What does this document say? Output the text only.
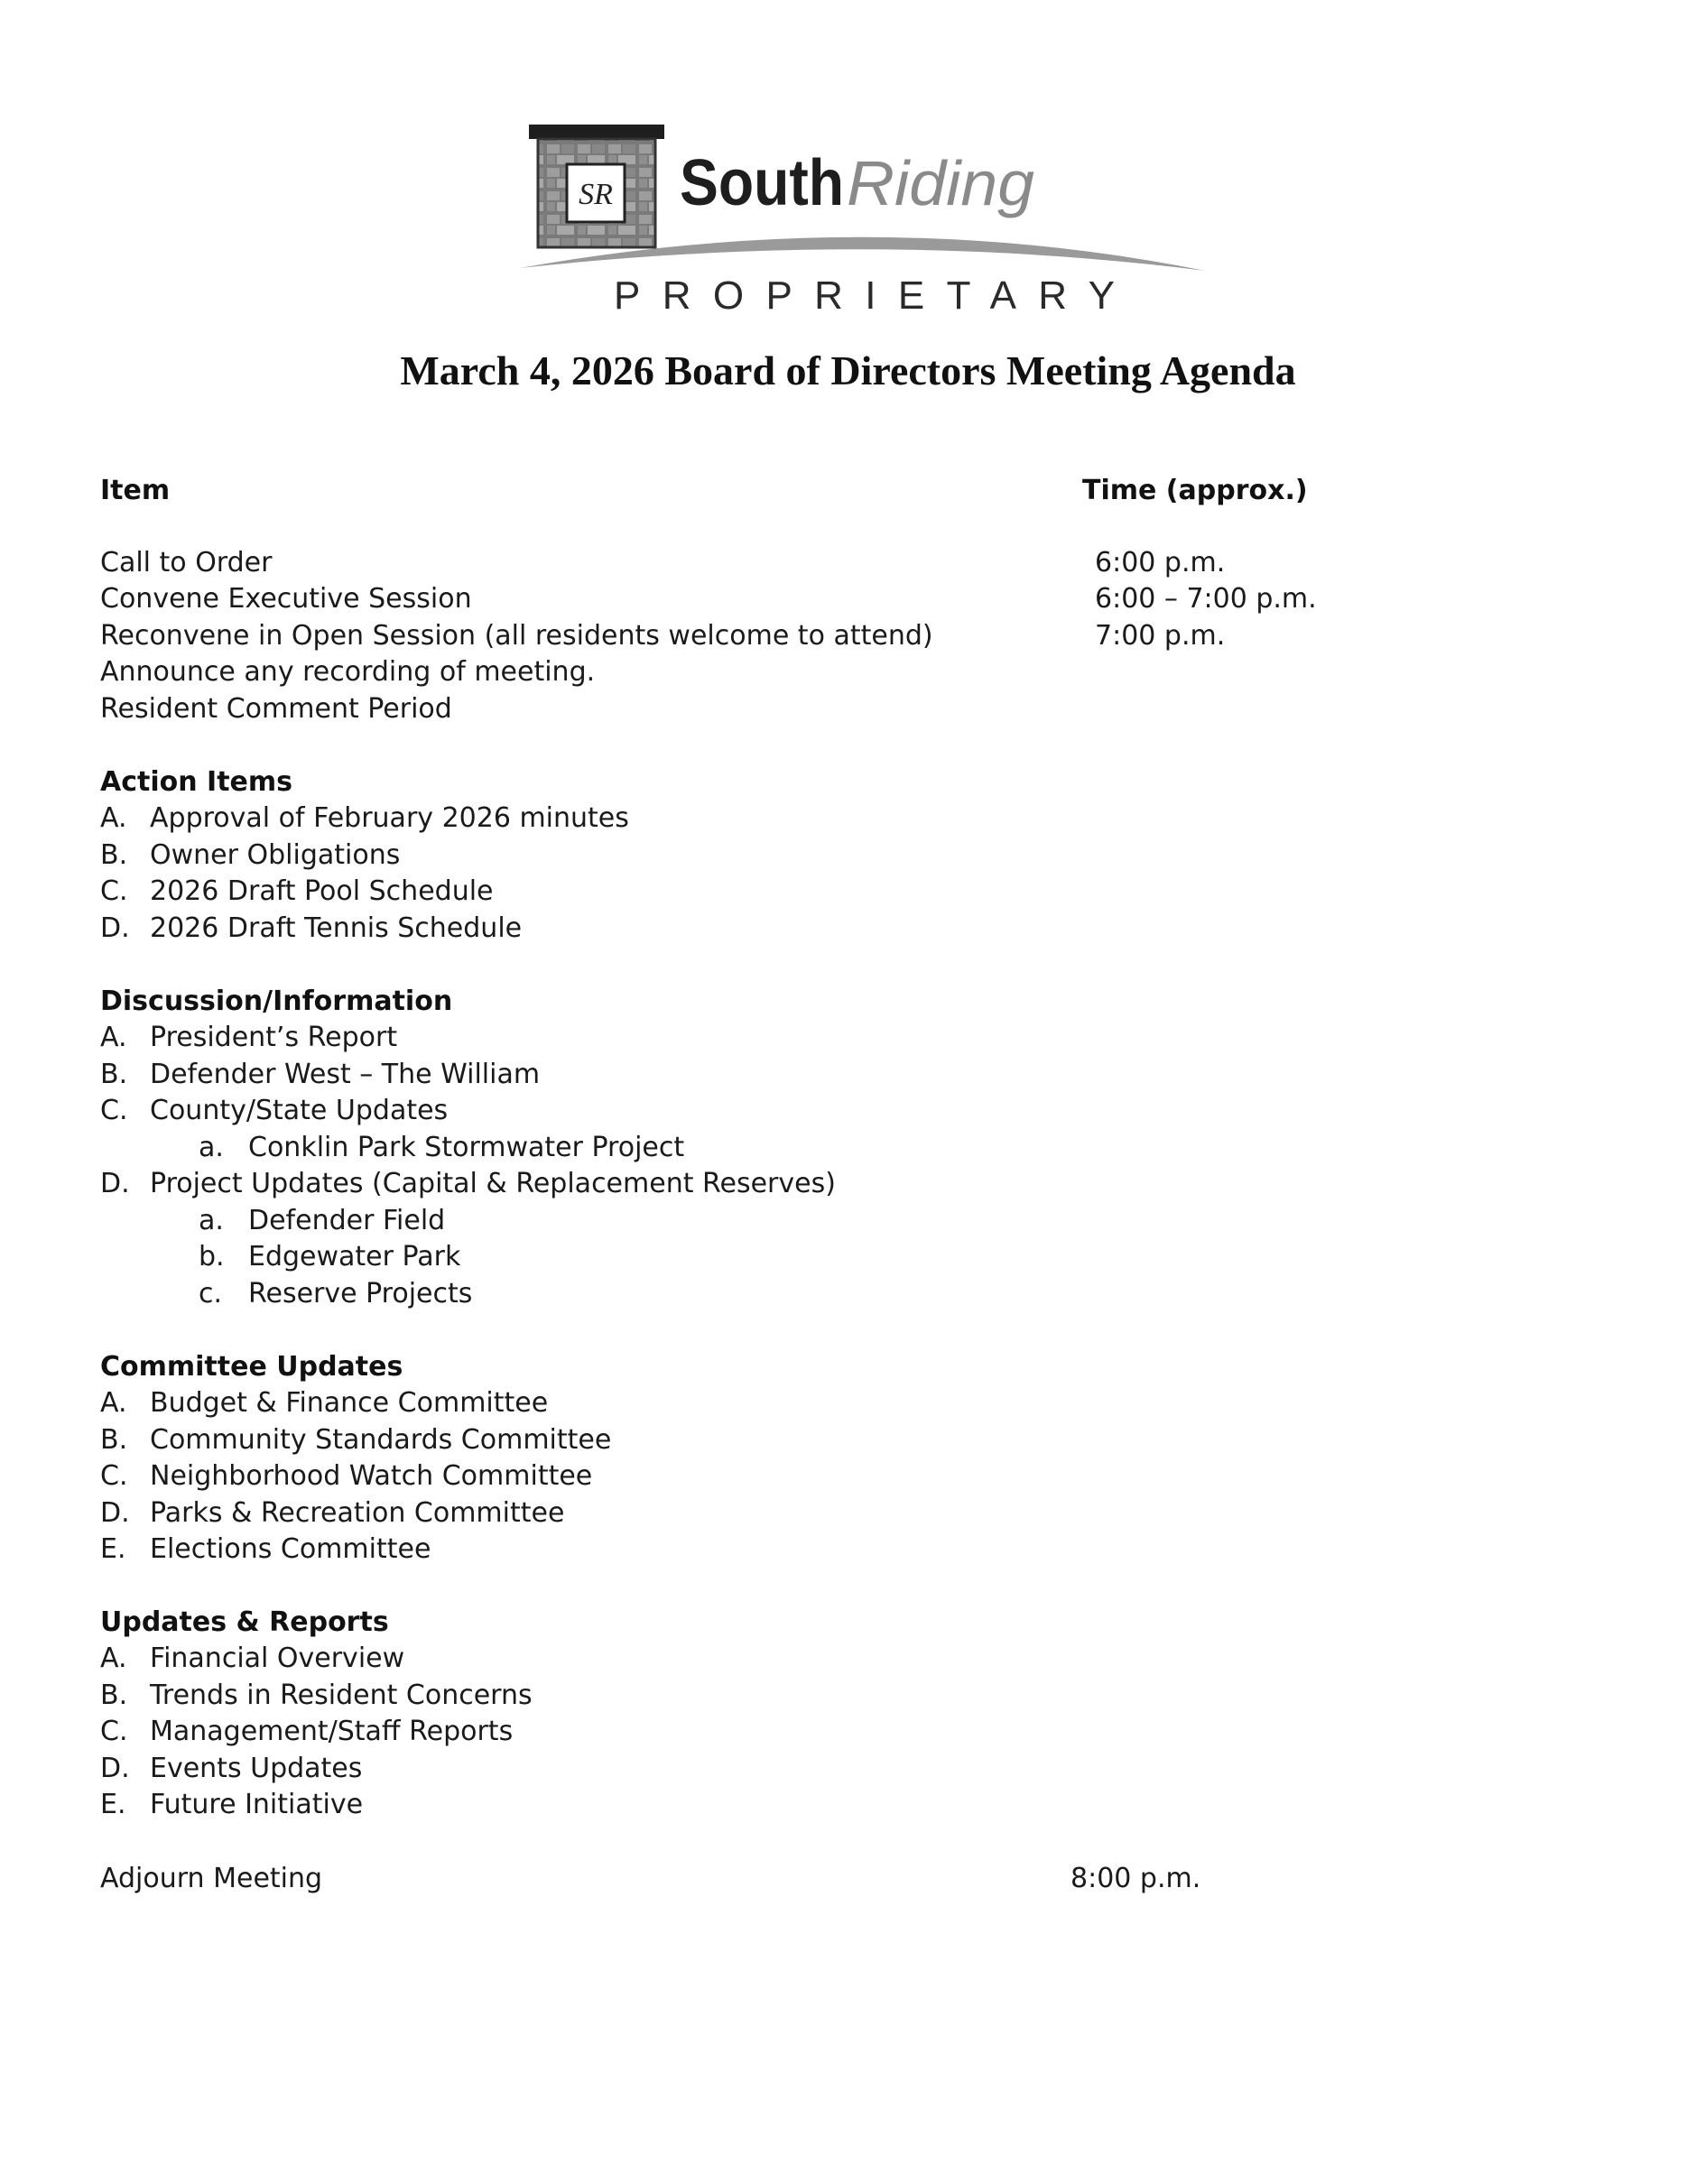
SR South Riding
PROPRIETARY
March 4, 2026 Board of Directors Meeting Agenda
Item	Time (approx.)
Call to Order	6:00 p.m.
Convene Executive Session	6:00 – 7:00 p.m.
Reconvene in Open Session (all residents welcome to attend)	7:00 p.m.
Announce any recording of meeting.
Resident Comment Period
Action Items
A. Approval of February 2026 minutes
B. Owner Obligations
C. 2026 Draft Pool Schedule
D. 2026 Draft Tennis Schedule
Discussion/Information
A. President’s Report
B. Defender West – The William
C. County/State Updates
a. Conklin Park Stormwater Project
D. Project Updates (Capital & Replacement Reserves)
a. Defender Field
b. Edgewater Park
c. Reserve Projects
Committee Updates
A. Budget & Finance Committee
B. Community Standards Committee
C. Neighborhood Watch Committee
D. Parks & Recreation Committee
E. Elections Committee
Updates & Reports
A. Financial Overview
B. Trends in Resident Concerns
C. Management/Staff Reports
D. Events Updates
E. Future Initiative
Adjourn Meeting	8:00 p.m.
